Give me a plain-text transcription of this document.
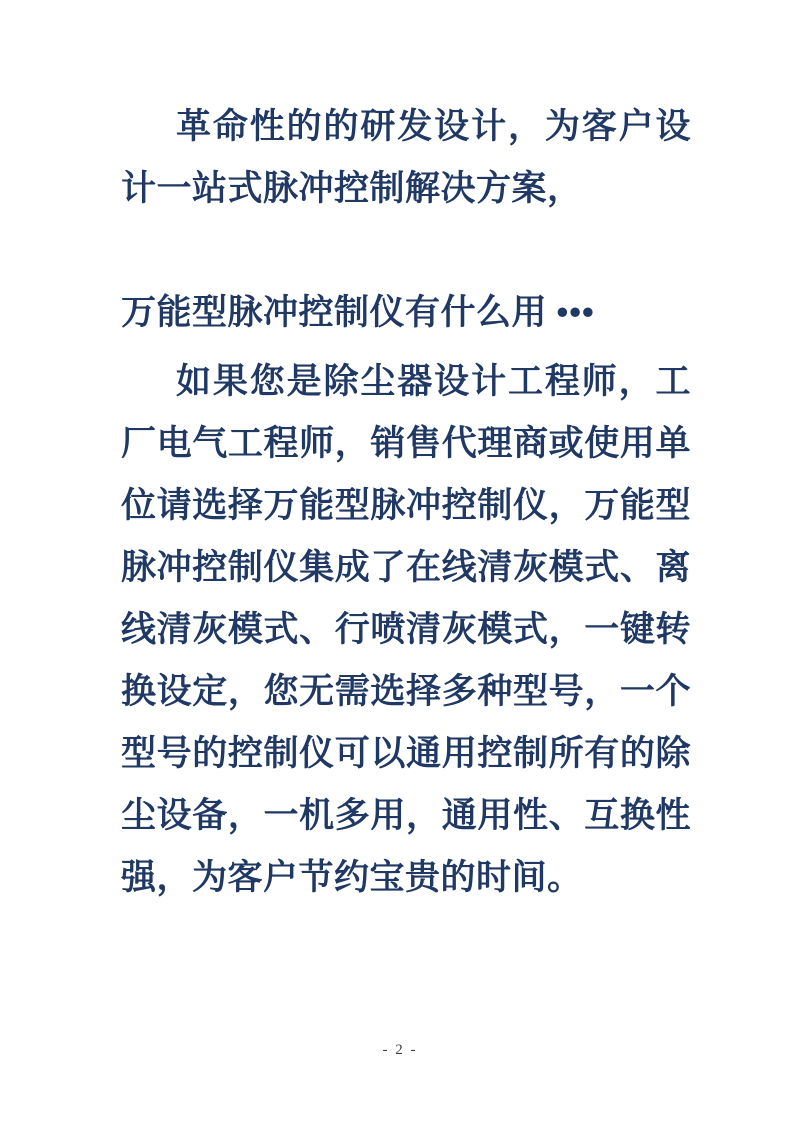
革命性的的研发设计，为客户设计一站式脉冲控制解决方案，

万能型脉冲控制仪有什么用 •••

如果您是除尘器设计工程师，工厂电气工程师，销售代理商或使用单位请选择万能型脉冲控制仪，万能型脉冲控制仪集成了在线清灰模式、离线清灰模式、行喷清灰模式，一键转换设定，您无需选择多种型号，一个型号的控制仪可以通用控制所有的除尘设备，一机多用，通用性、互换性强，为客户节约宝贵的时间。

- 2 -
